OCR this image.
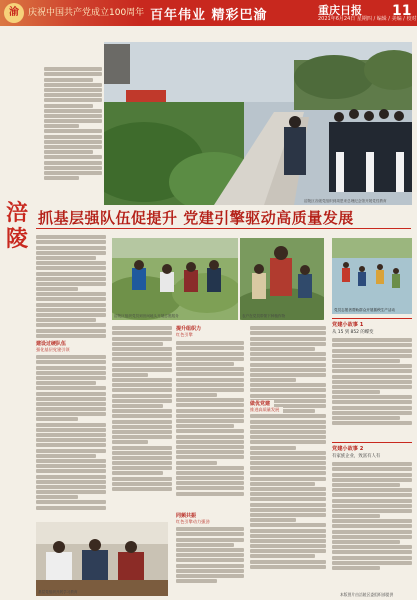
渝	庆祝中国共产党成立100周年 百年伟业 精彩巴渝	重庆日报
2021年6月24日 星期四 / 编辑 / 美编 / 校对
11
涪陵区各级党组织到周恩来总理纪念馆开展党性教育
涪陵
抓基层强队伍促提升 党建引擎驱动高质量发展
建设过硬队伍
强化基层党建引领
涪陵区组织党员到田间地头开展志愿服务	农户在党员带领下种植作物
提升组织力
红色引擎
同频共振
红色引擎动力强劲
基层党组织开展学习教育
做优党建
推进高质量发展
党员志愿者帮助群众开展插秧生产活动
党建小故事 1
从 15 到 852 的蝶变
党建小故事 2
有家族企业，致富有人有
本版图片由涪陵区委组织部提供
